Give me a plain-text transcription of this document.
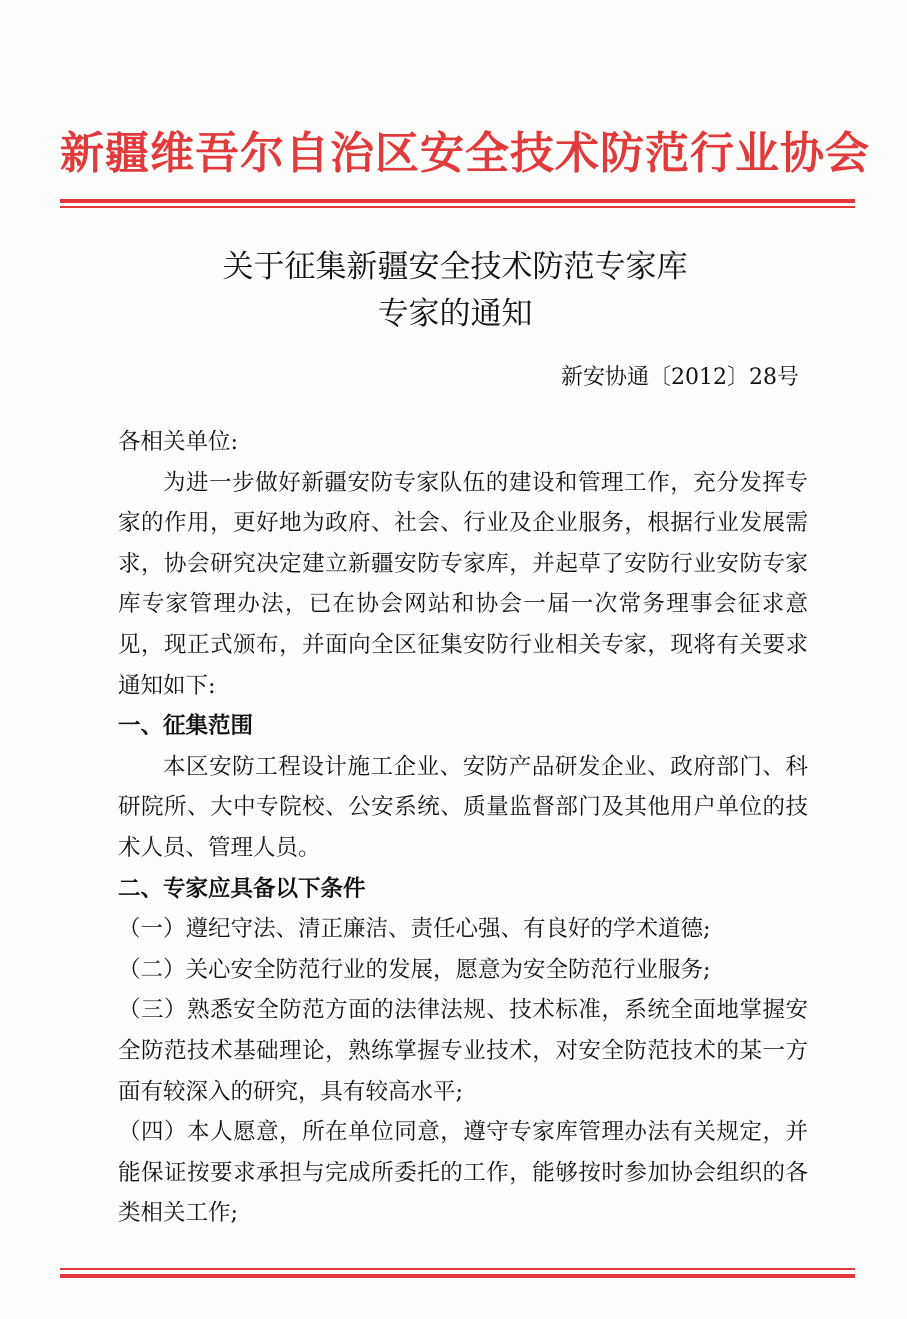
新疆维吾尔自治区安全技术防范行业协会
关于征集新疆安全技术防范专家库
专家的通知
新安协通〔2012〕28号

各相关单位:

为进一步做好新疆安防专家队伍的建设和管理工作，充分发挥专家的作用，更好地为政府、社会、行业及企业服务，根据行业发展需求，协会研究决定建立新疆安防专家库，并起草了安防行业安防专家库专家管理办法，已在协会网站和协会一届一次常务理事会征求意见，现正式颁布，并面向全区征集安防行业相关专家，现将有关要求通知如下:

一、征集范围

本区安防工程设计施工企业、安防产品研发企业、政府部门、科研院所、大中专院校、公安系统、质量监督部门及其他用户单位的技术人员、管理人员。

二、专家应具备以下条件

（一）遵纪守法、清正廉洁、责任心强、有良好的学术道德;

（二）关心安全防范行业的发展，愿意为安全防范行业服务;

（三）熟悉安全防范方面的法律法规、技术标准，系统全面地掌握安全防范技术基础理论，熟练掌握专业技术，对安全防范技术的某一方面有较深入的研究，具有较高水平;

（四）本人愿意，所在单位同意，遵守专家库管理办法有关规定，并能保证按要求承担与完成所委托的工作，能够按时参加协会组织的各类相关工作;
